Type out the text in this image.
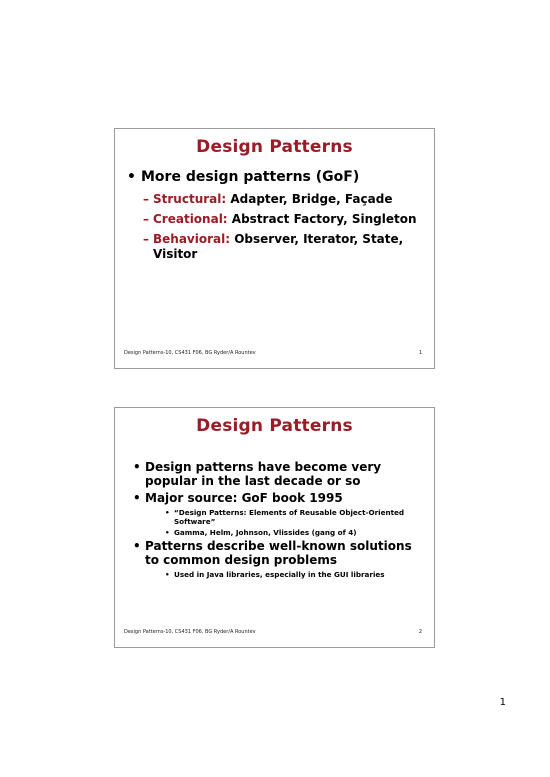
Design Patterns
• More design patterns (GoF)
– Structural: Adapter, Bridge, Façade
– Creational: Abstract Factory, Singleton
– Behavioral: Observer, Iterator, State, Visitor
Design Patterns-10, CS431 F06, BG Ryder/A Rountev	1
Design Patterns
• Design patterns have become very popular in the last decade or so
• Major source: GoF book 1995
• “Design Patterns: Elements of Reusable Object-Oriented Software”
• Gamma, Helm, Johnson, Vlissides (gang of 4)
• Patterns describe well-known solutions to common design problems
• Used in Java libraries, especially in the GUI libraries
Design Patterns-10, CS431 F06, BG Ryder/A Rountev	2
1
